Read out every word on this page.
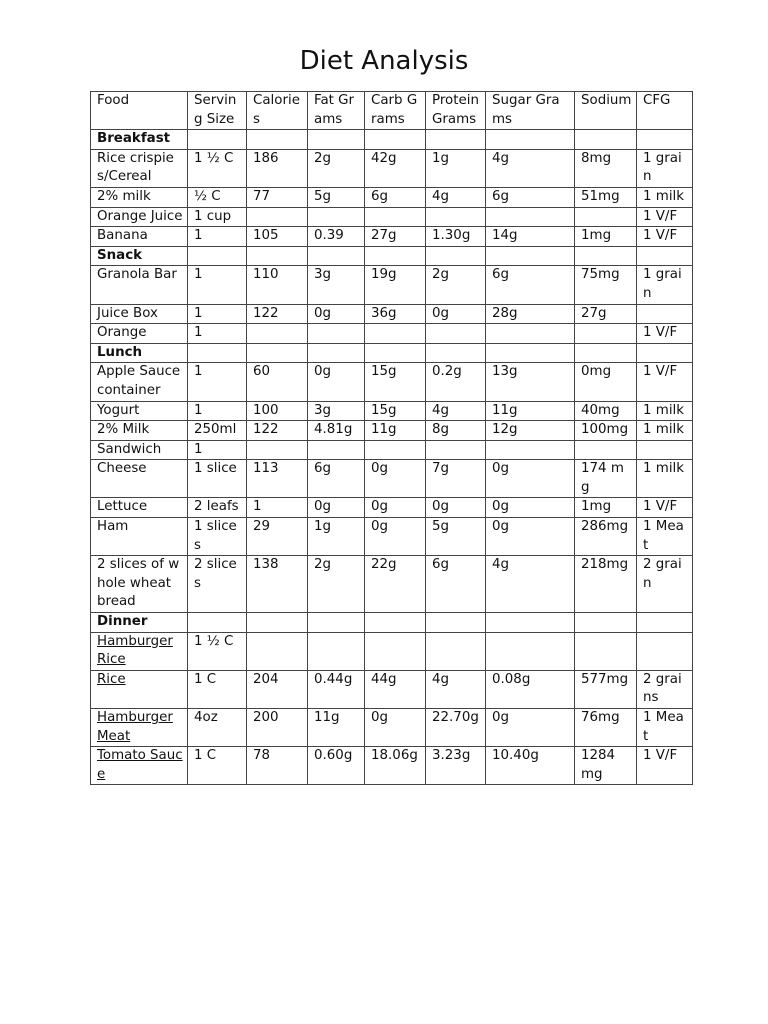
Diet Analysis
Food	Serving Size	Calories	Fat Grams	Carb Grams	Protein Grams	Sugar Grams	Sodium	CFG
Breakfast								
Rice crispies/Cereal	1 ½ C	186	2g	42g	1g	4g	8mg	1 grain
2% milk	½ C	77	5g	6g	4g	6g	51mg	1 milk
Orange Juice	1 cup							1 V/F
Banana	1	105	0.39	27g	1.30g	14g	1mg	1 V/F
Snack								
Granola Bar	1	110	3g	19g	2g	6g	75mg	1 grain
Juice Box	1	122	0g	36g	0g	28g	27g	
Orange	1							1 V/F
Lunch								
Apple Sauce container	1	60	0g	15g	0.2g	13g	0mg	1 V/F
Yogurt	1	100	3g	15g	4g	11g	40mg	1 milk
2% Milk	250ml	122	4.81g	11g	8g	12g	100mg	1 milk
Sandwich	1							
Cheese	1 slice	113	6g	0g	7g	0g	174 mg	1 milk
Lettuce	2 leafs	1	0g	0g	0g	0g	1mg	1 V/F
Ham	1 slices	29	1g	0g	5g	0g	286mg	1 Meat
2 slices of whole wheat bread	2 slices	138	2g	22g	6g	4g	218mg	2 grain
Dinner								
Hamburger Rice	1 ½ C							
Rice	1 C	204	0.44g	44g	4g	0.08g	577mg	2 grains
Hamburger Meat	4oz	200	11g	0g	22.70g	0g	76mg	1 Meat
Tomato Sauce	1 C	78	0.60g	18.06g	3.23g	10.40g	1284 mg	1 V/F
